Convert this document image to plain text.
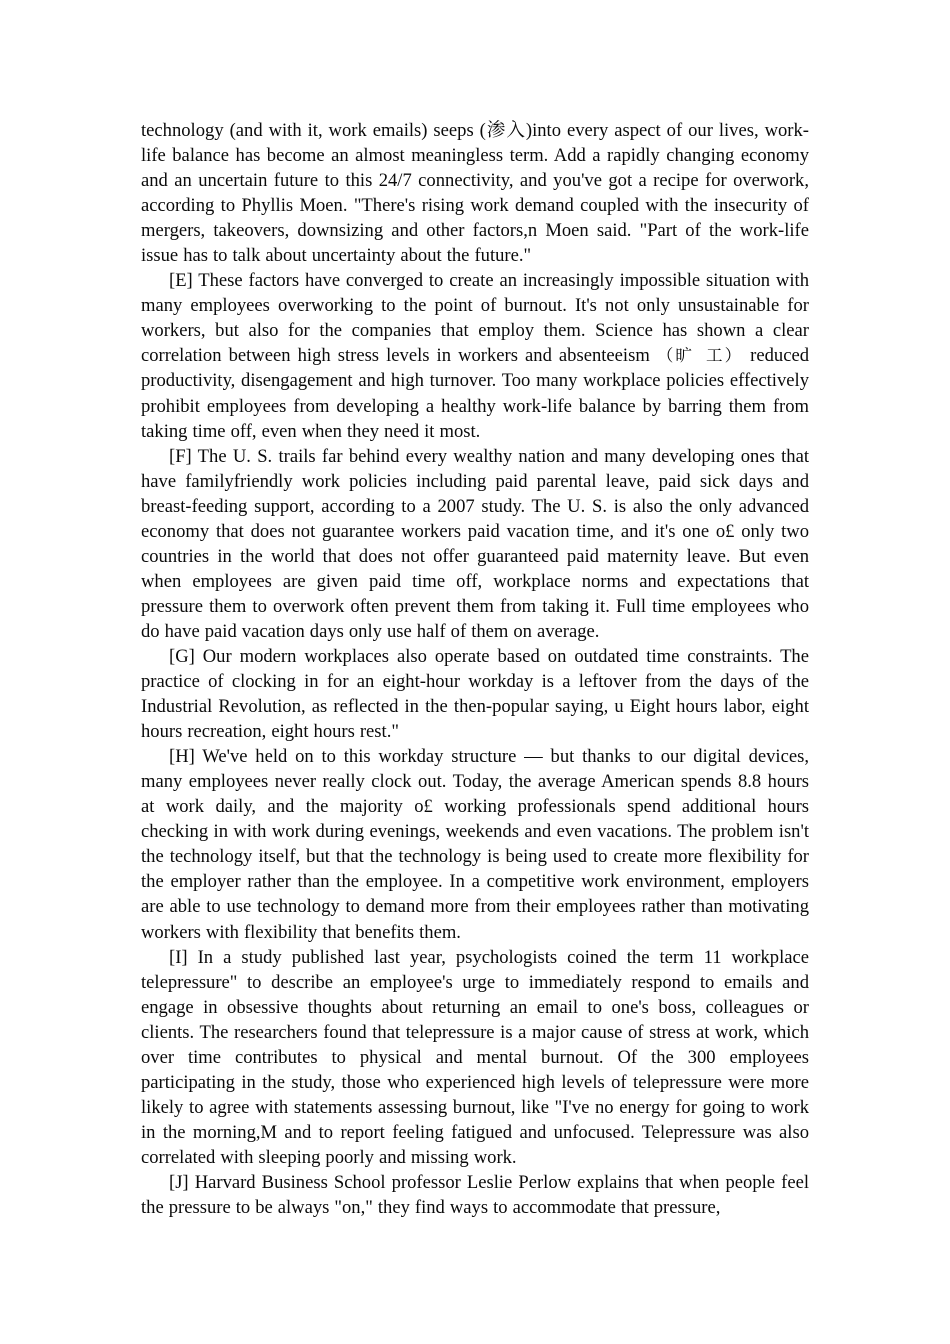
technology (and with it, work emails) seeps (渗入)into every aspect of our lives, work-life balance has become an almost meaningless term. Add a rapidly changing economy and an uncertain future to this 24/7 connectivity, and you've got a recipe for overwork, according to Phyllis Moen. "There's rising work demand coupled with the insecurity of mergers, takeovers, downsizing and other factors,n Moen said. "Part of the work-life issue has to talk about uncertainty about the future."

[E] These factors have converged to create an increasingly impossible situation with many employees overworking to the point of burnout. It's not only unsustainable for workers, but also for the companies that employ them. Science has shown a clear correlation between high stress levels in workers and absenteeism （旷 工） reduced productivity, disengagement and high turnover. Too many workplace policies effectively prohibit employees from developing a healthy work-life balance by barring them from taking time off, even when they need it most.

[F] The U. S. trails far behind every wealthy nation and many developing ones that have familyfriendly work policies including paid parental leave, paid sick days and breast-feeding support, according to a 2007 study. The U. S. is also the only advanced economy that does not guarantee workers paid vacation time, and it's one o£ only two countries in the world that does not offer guaranteed paid maternity leave. But even when employees are given paid time off, workplace norms and expectations that pressure them to overwork often prevent them from taking it. Full time employees who do have paid vacation days only use half of them on average.

[G] Our modern workplaces also operate based on outdated time constraints. The practice of clocking in for an eight-hour workday is a leftover from the days of the Industrial Revolution, as reflected in the then-popular saying, u Eight hours labor, eight hours recreation, eight hours rest."

[H] We've held on to this workday structure — but thanks to our digital devices, many employees never really clock out. Today, the average American spends 8.8 hours at work daily, and the majority o£ working professionals spend additional hours checking in with work during evenings, weekends and even vacations. The problem isn't the technology itself, but that the technology is being used to create more flexibility for the employer rather than the employee. In a competitive work environment, employers are able to use technology to demand more from their employees rather than motivating workers with flexibility that benefits them.

[I] In a study published last year, psychologists coined the term 11 workplace telepressure" to describe an employee's urge to immediately respond to emails and engage in obsessive thoughts about returning an email to one's boss, colleagues or clients. The researchers found that telepressure is a major cause of stress at work, which over time contributes to physical and mental burnout. Of the 300 employees participating in the study, those who experienced high levels of telepressure were more likely to agree with statements assessing burnout, like "I've no energy for going to work in the morning,M and to report feeling fatigued and unfocused. Telepressure was also correlated with sleeping poorly and missing work.

[J] Harvard Business School professor Leslie Perlow explains that when people feel the pressure to be always "on," they find ways to accommodate that pressure,
